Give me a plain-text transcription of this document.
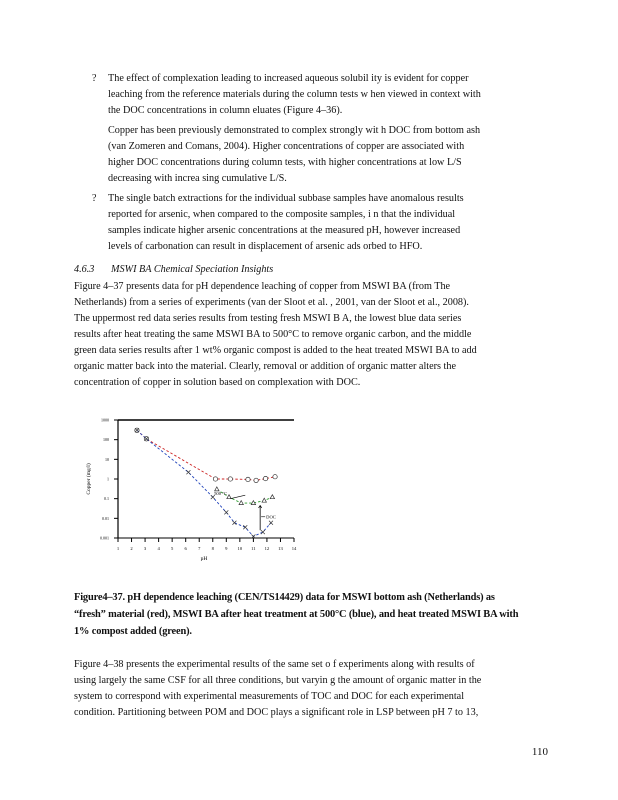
? The effect of complexation leading to increased aqueous solubil ity is evident for copper
leaching from the reference materials during the column tests w hen viewed in context with
the DOC concentrations in column eluates (Figure 4–36).
Copper has been previously demonstrated to complex strongly wit h DOC from bottom ash
(van Zomeren and Comans, 2004). Higher concentrations of copper are associated with
higher DOC concentrations during column tests, with higher concentrations at low L/S
decreasing with increa sing cumulative L/S.
? The single batch extractions for the individual subbase samples have anomalous results
reported for arsenic, when compared to the composite samples, i n that the individual
samples indicate higher arsenic concentrations at the measured pH, however increased
levels of carbonation can result in displacement of arsenic ads orbed to HFO.
4.6.3 MSWI BA Chemical Speciation Insights
Figure 4–37 presents data for pH dependence leaching of copper from MSWI BA (from The
Netherlands) from a series of experiments (van der Sloot et al. , 2001, van der Sloot et al., 2008).
The uppermost red data series results from testing fresh MSWI B A, the lowest blue data series
results after heat treating the same MSWI BA to 500°C to remove organic carbon, and the middle
green data series results after 1 wt% organic compost is added to the heat treated MSWI BA to add
organic matter back into the material. Clearly, removal or addition of organic matter alters the
concentration of copper in solution based on complexation with DOC.
pH
Copper (mg/l)
1 2 3 4 5 6 7 8 9 10 11 12 13 14
0.001
0.01
0.1
1
10
100
1000
500 °C
DOC
Figure4–37. pH dependence leaching (CEN/TS14429) data for MSWI bottom ash (Netherlands) as
“fresh” material (red), MSWI BA after heat treatment at 500°C (blue), and heat treated MSWI BA with
1% compost added (green).
Figure 4–38 presents the experimental results of the same set o f experiments along with results of
using largely the same CSF for all three conditions, but varyin g the amount of organic matter in the
system to correspond with experimental measurements of TOC and DOC for each experimental
condition. Partitioning between POM and DOC plays a significant role in LSP between pH 7 to 13,
110
